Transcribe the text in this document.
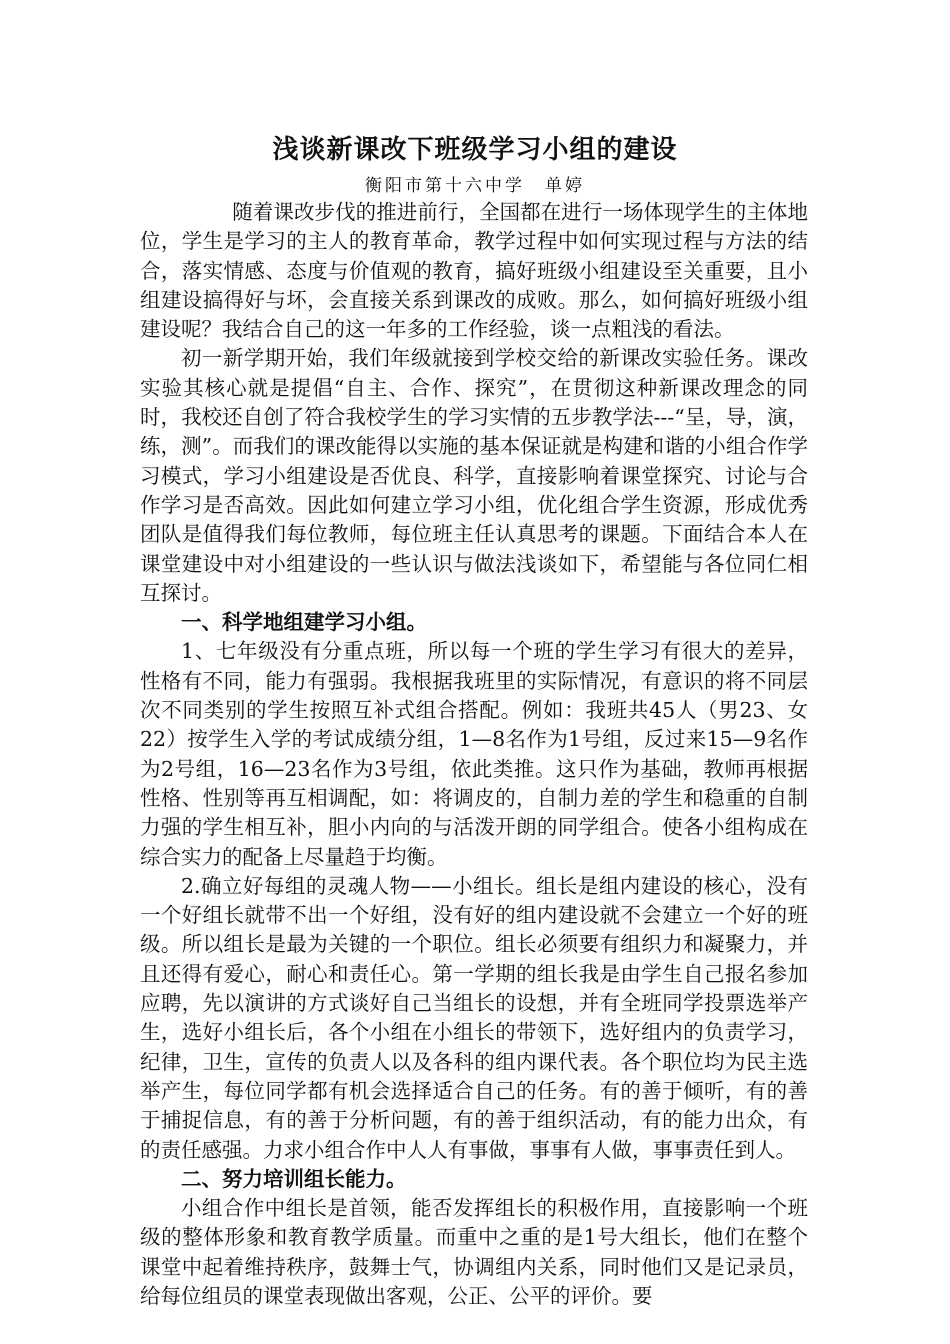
浅谈新课改下班级学习小组的建设
衡阳市第十六中学　单婷

随着课改步伐的推进前行，全国都在进行一场体现学生的主体地位，学生是学习的主人的教育革命，教学过程中如何实现过程与方法的结合，落实情感、态度与价值观的教育，搞好班级小组建设至关重要，且小组建设搞得好与坏，会直接关系到课改的成败。那么，如何搞好班级小组建设呢？我结合自己的这一年多的工作经验，谈一点粗浅的看法。

初一新学期开始，我们年级就接到学校交给的新课改实验任务。课改实验其核心就是提倡“自主、合作、探究”，在贯彻这种新课改理念的同时，我校还自创了符合我校学生的学习实情的五步教学法---“呈，导，演，练，测”。而我们的课改能得以实施的基本保证就是构建和谐的小组合作学习模式，学习小组建设是否优良、科学，直接影响着课堂探究、讨论与合作学习是否高效。因此如何建立学习小组，优化组合学生资源，形成优秀团队是值得我们每位教师，每位班主任认真思考的课题。下面结合本人在课堂建设中对小组建设的一些认识与做法浅谈如下，希望能与各位同仁相互探讨。

一、科学地组建学习小组。

1、七年级没有分重点班，所以每一个班的学生学习有很大的差异，性格有不同，能力有强弱。我根据我班里的实际情况，有意识的将不同层次不同类别的学生按照互补式组合搭配。例如：我班共45人（男23、女22）按学生入学的考试成绩分组，1—8名作为1号组，反过来15—9名作为2号组，16—23名作为3号组，依此类推。这只作为基础，教师再根据性格、性别等再互相调配，如：将调皮的，自制力差的学生和稳重的自制力强的学生相互补，胆小内向的与活泼开朗的同学组合。使各小组构成在综合实力的配备上尽量趋于均衡。

2.确立好每组的灵魂人物——小组长。组长是组内建设的核心，没有一个好组长就带不出一个好组，没有好的组内建设就不会建立一个好的班级。所以组长是最为关键的一个职位。组长必须要有组织力和凝聚力，并且还得有爱心，耐心和责任心。第一学期的组长我是由学生自己报名参加应聘，先以演讲的方式谈好自己当组长的设想，并有全班同学投票选举产生，选好小组长后，各个小组在小组长的带领下，选好组内的负责学习，纪律，卫生，宣传的负责人以及各科的组内课代表。各个职位均为民主选举产生，每位同学都有机会选择适合自己的任务。有的善于倾听，有的善于捕捉信息，有的善于分析问题，有的善于组织活动，有的能力出众，有的责任感强。力求小组合作中人人有事做，事事有人做，事事责任到人。

二、努力培训组长能力。

小组合作中组长是首领，能否发挥组长的积极作用，直接影响一个班级的整体形象和教育教学质量。而重中之重的是1号大组长，他们在整个课堂中起着维持秩序，鼓舞士气，协调组内关系，同时他们又是记录员，给每位组员的课堂表现做出客观，公正、公平的评价。要
